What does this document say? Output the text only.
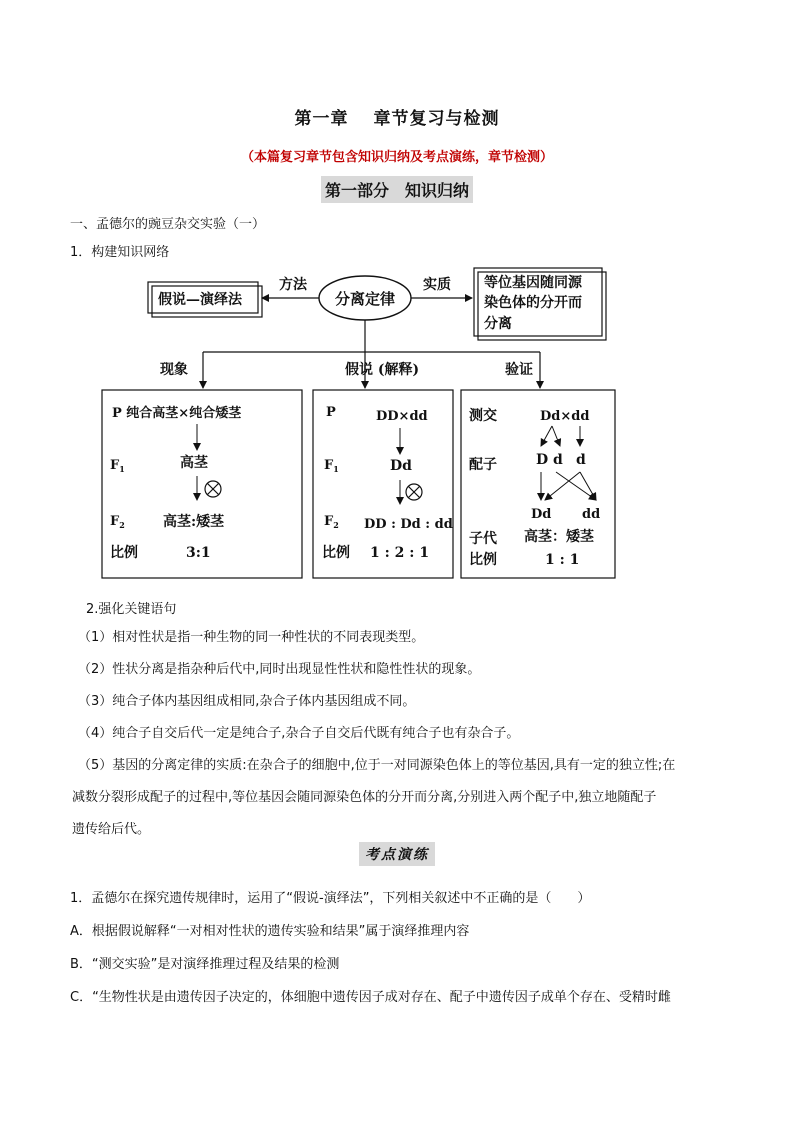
第一章　 章节复习与检测
（本篇复习章节包含知识归纳及考点演练，章节检测）
第一部分　知识归纳
一、孟德尔的豌豆杂交实验（一）
1．构建知识网络
假说—演绎法	分离定律
方法	实质 等位基因随同源
染色体的分开而
分离
现象	假说 (解释)	验证
P 纯合高茎×纯合矮茎
$F_1$	高茎
$F_2$	高茎:矮茎
比例	3:1
P	DD×dd
$F_1$	Dd
$F_2$ DD : Dd : dd
比例 1 : 2 : 1
测交	Dd×dd
配子	D d d
Dd dd
子代 高茎：矮茎
比例	1 : 1
2.强化关键语句
（1）相对性状是指一种生物的同一种性状的不同表现类型。
（2）性状分离是指杂种后代中,同时出现显性性状和隐性性状的现象。
（3）纯合子体内基因组成相同,杂合子体内基因组成不同。
（4）纯合子自交后代一定是纯合子,杂合子自交后代既有纯合子也有杂合子。
（5）基因的分离定律的实质:在杂合子的细胞中,位于一对同源染色体上的等位基因,具有一定的独立性;在
减数分裂形成配子的过程中,等位基因会随同源染色体的分开而分离,分别进入两个配子中,独立地随配子
遗传给后代。
考点演练
1．孟德尔在探究遗传规律时，运用了“假说-演绎法”，下列相关叙述中不正确的是（　　）
A．根据假说解释“一对相对性状的遗传实验和结果”属于演绎推理内容
B．“测交实验”是对演绎推理过程及结果的检测
C．“生物性状是由遗传因子决定的，体细胞中遗传因子成对存在、配子中遗传因子成单个存在、受精时雌
